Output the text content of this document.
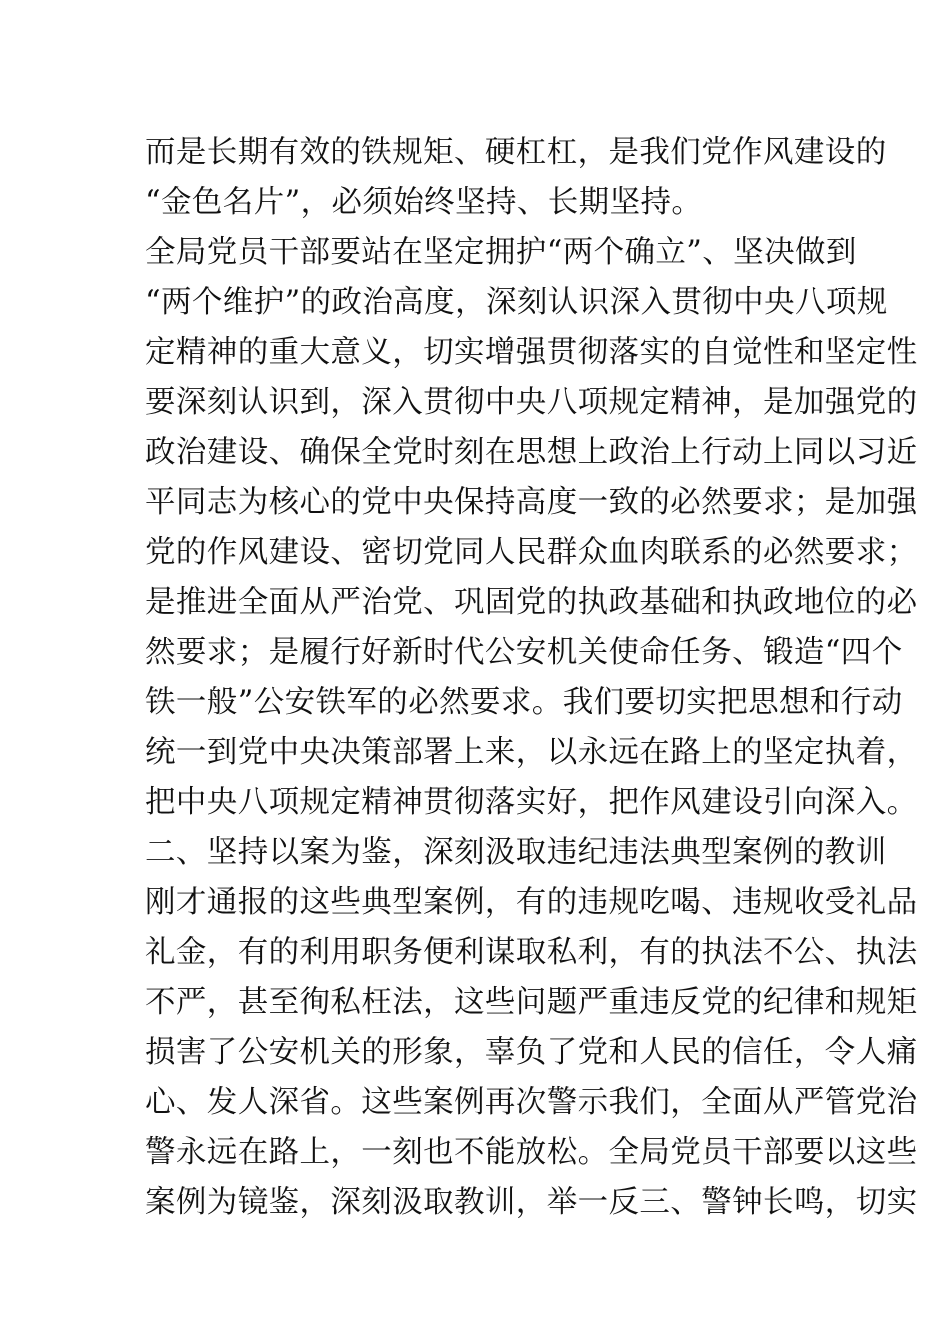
而是长期有效的铁规矩、硬杠杠，是我们党作风建设的
“金色名片”，必须始终坚持、长期坚持。
全局党员干部要站在坚定拥护“两个确立”、坚决做到
“两个维护”的政治高度，深刻认识深入贯彻中央八项规
定精神的重大意义，切实增强贯彻落实的自觉性和坚定性
要深刻认识到，深入贯彻中央八项规定精神，是加强党的
政治建设、确保全党时刻在思想上政治上行动上同以习近
平同志为核心的党中央保持高度一致的必然要求；是加强
党的作风建设、密切党同人民群众血肉联系的必然要求；
是推进全面从严治党、巩固党的执政基础和执政地位的必
然要求；是履行好新时代公安机关使命任务、锻造“四个
铁一般”公安铁军的必然要求。我们要切实把思想和行动
统一到党中央决策部署上来，以永远在路上的坚定执着，
把中央八项规定精神贯彻落实好，把作风建设引向深入。
二、坚持以案为鉴，深刻汲取违纪违法典型案例的教训
刚才通报的这些典型案例，有的违规吃喝、违规收受礼品
礼金，有的利用职务便利谋取私利，有的执法不公、执法
不严，甚至徇私枉法，这些问题严重违反党的纪律和规矩
损害了公安机关的形象，辜负了党和人民的信任，令人痛
心、发人深省。这些案例再次警示我们，全面从严管党治
警永远在路上，一刻也不能放松。全局党员干部要以这些
案例为镜鉴，深刻汲取教训，举一反三、警钟长鸣，切实
